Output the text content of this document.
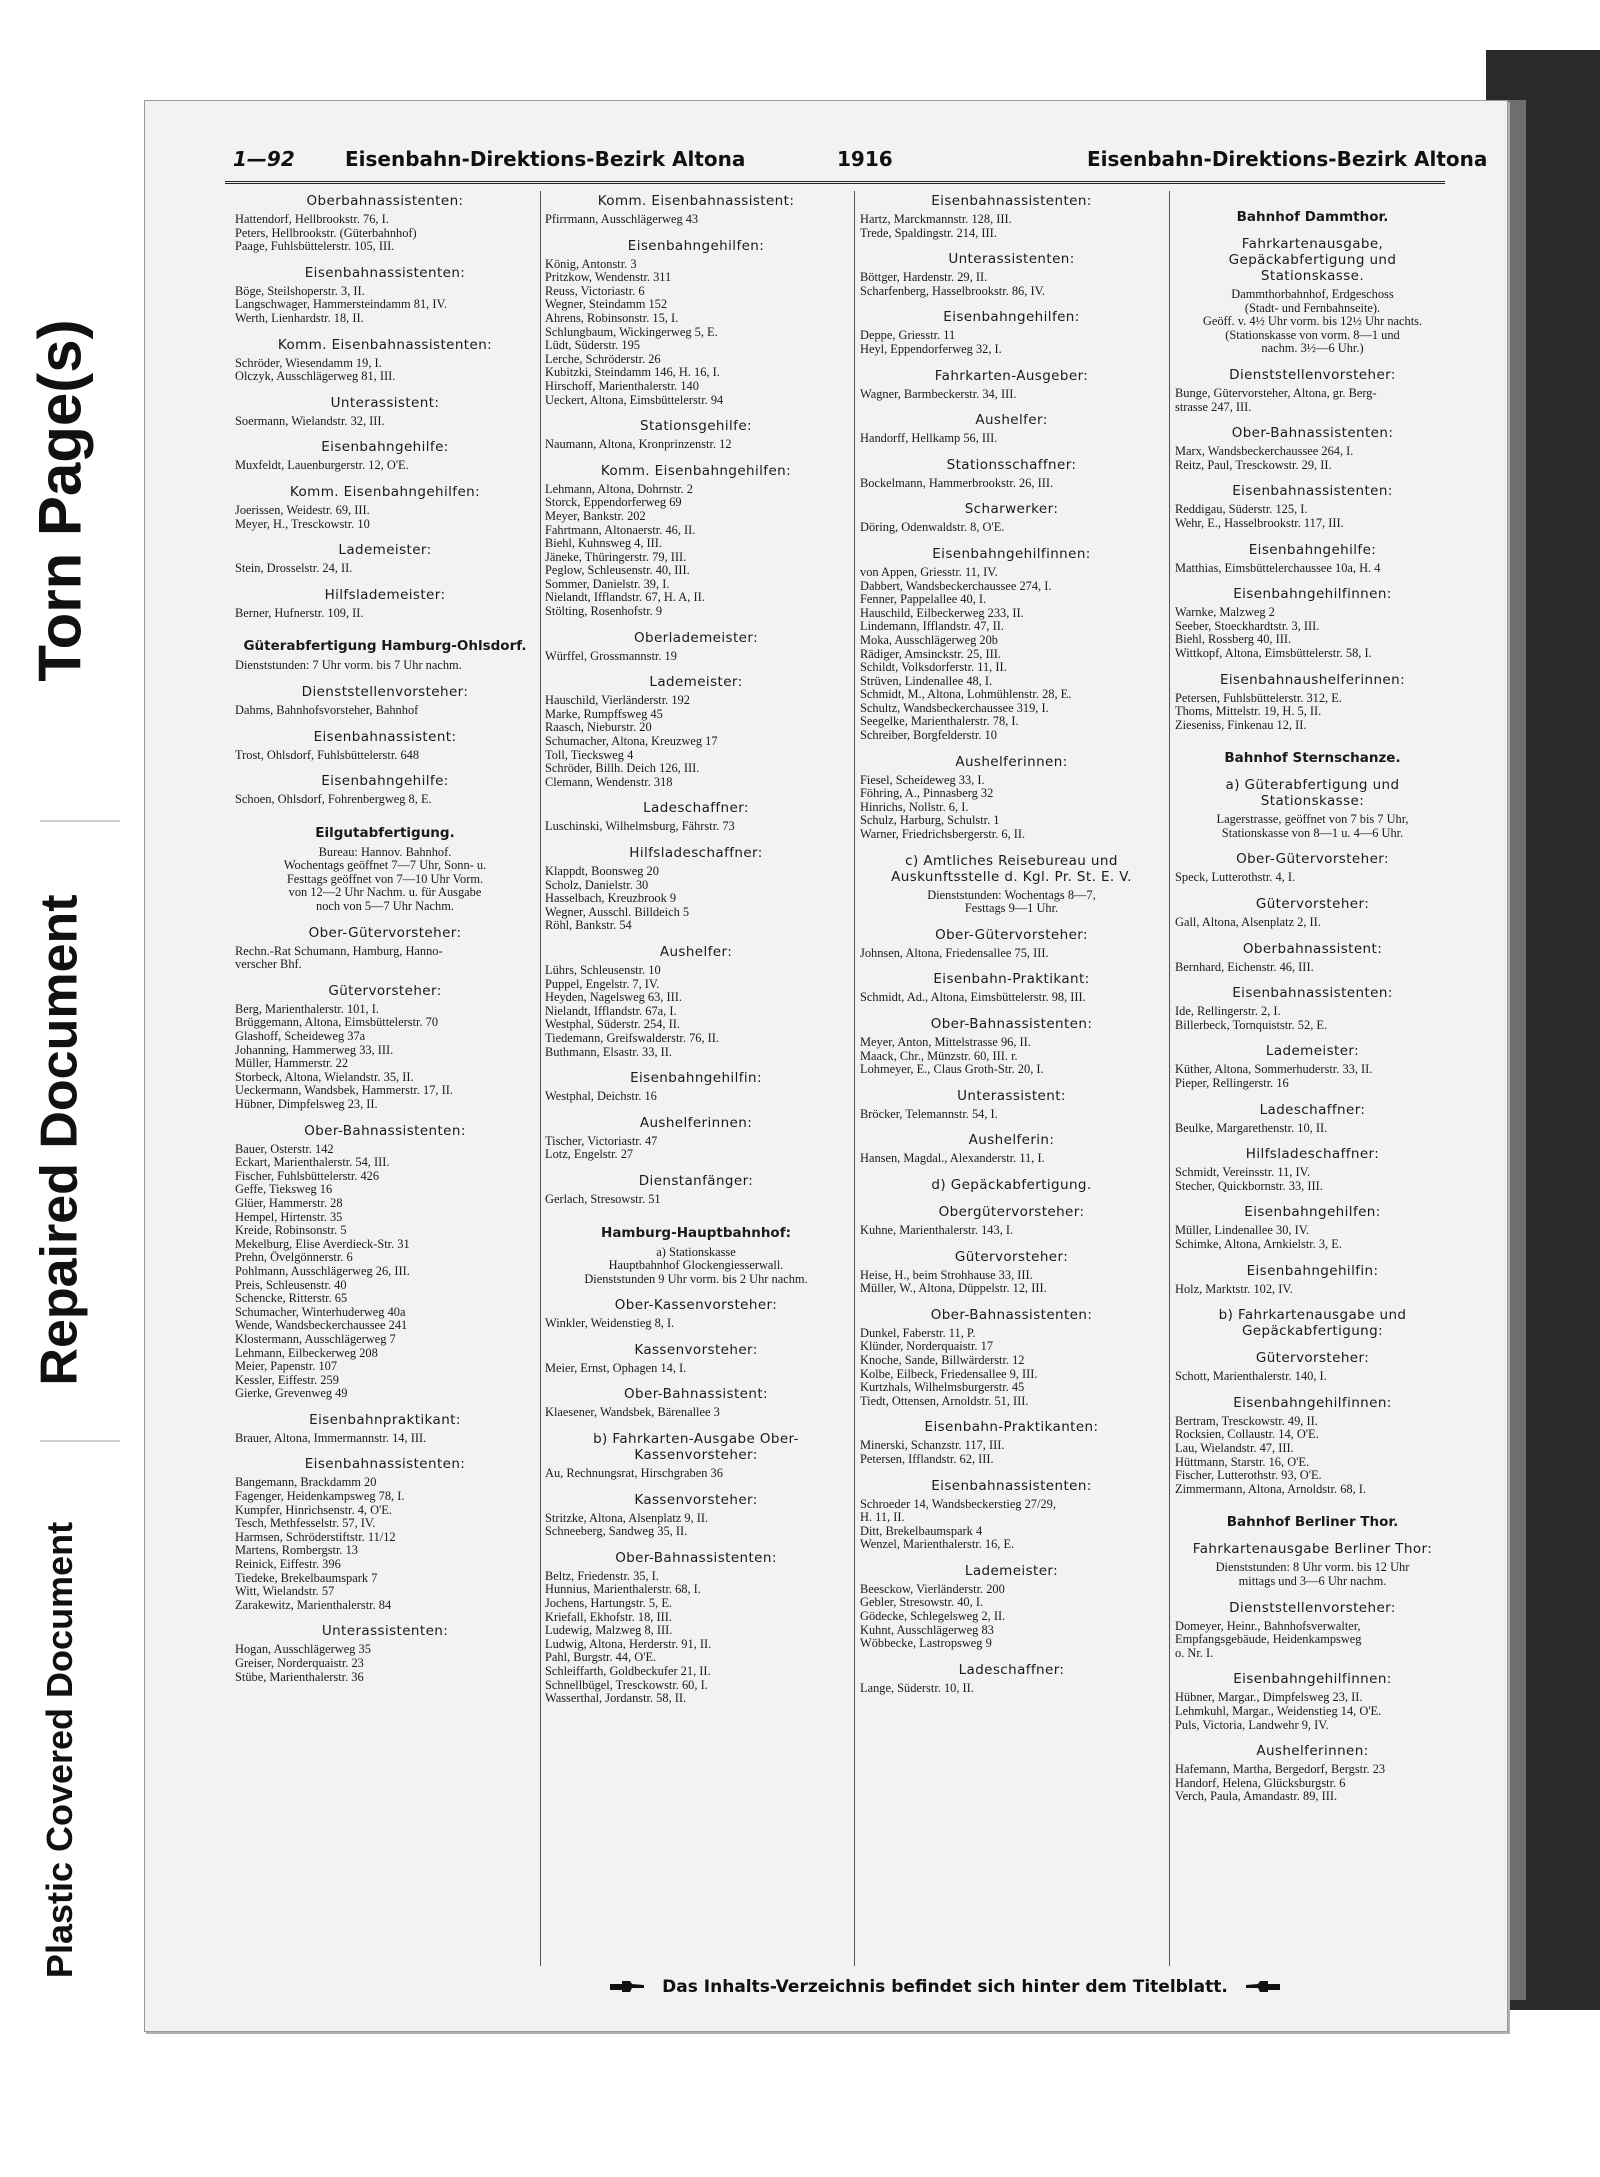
Torn Page(s)
Repaired Document
Plastic Covered Document
1—92	Eisenbahn-Direktions-Bezirk Altona	1916	Eisenbahn-Direktions-Bezirk Altona
Oberbahnassistenten:
Hattendorf, Hellbrookstr. 76, I.
Peters, Hellbrookstr. (Güterbahnhof)
Paage, Fuhlsbüttelerstr. 105, III.
Eisenbahnassistenten:
Böge, Steilshoperstr. 3, II.
Langschwager, Hammersteindamm 81, IV.
Werth, Lienhardstr. 18, II.
Komm. Eisenbahnassistenten:
Schröder, Wiesendamm 19, I.
Olczyk, Ausschlägerweg 81, III.
Unterassistent:
Soermann, Wielandstr. 32, III.
Eisenbahngehilfe:
Muxfeldt, Lauenburgerstr. 12, O'E.
Komm. Eisenbahngehilfen:
Joerissen, Weidestr. 69, III.
Meyer, H., Tresckowstr. 10
Lademeister:
Stein, Drosselstr. 24, II.
Hilfslademeister:
Berner, Hufnerstr. 109, II.
Güterabfertigung Hamburg-Ohlsdorf.
Dienststunden: 7 Uhr vorm. bis 7 Uhr nachm.
Dienststellenvorsteher:
Dahms, Bahnhofsvorsteher, Bahnhof
Eisenbahnassistent:
Trost, Ohlsdorf, Fuhlsbüttelerstr. 648
Eisenbahngehilfe:
Schoen, Ohlsdorf, Fohrenbergweg 8, E.
Eilgutabfertigung.
Bureau: Hannov. Bahnhof.
Wochentags geöffnet 7—7 Uhr, Sonn- u.
Festtags geöffnet von 7—10 Uhr Vorm.
von 12—2 Uhr Nachm. u. für Ausgabe
noch von 5—7 Uhr Nachm.
Ober-Gütervorsteher:
Rechn.-Rat Schumann, Hamburg, Hanno-
verscher Bhf.
Gütervorsteher:
Berg, Marienthalerstr. 101, I.
Brüggemann, Altona, Eimsbüttelerstr. 70
Glashoff, Scheideweg 37a
Johanning, Hammerweg 33, III.
Müller, Hammerstr. 22
Storbeck, Altona, Wielandstr. 35, II.
Ueckermann, Wandsbek, Hammerstr. 17, II.
Hübner, Dimpfelsweg 23, II.
Ober-Bahnassistenten:
Bauer, Osterstr. 142
Eckart, Marienthalerstr. 54, III.
Fischer, Fuhlsbüttelerstr. 426
Geffe, Tieksweg 16
Glüer, Hammerstr. 28
Hempel, Hirtenstr. 35
Kreide, Robinsonstr. 5
Mekelburg, Elise Averdieck-Str. 31
Prehn, Övelgönnerstr. 6
Pohlmann, Ausschlägerweg 26, III.
Preis, Schleusenstr. 40
Schencke, Ritterstr. 65
Schumacher, Winterhuderweg 40a
Wende, Wandsbeckerchaussee 241
Klostermann, Ausschlägerweg 7
Lehmann, Eilbeckerweg 208
Meier, Papenstr. 107
Kessler, Eiffestr. 259
Gierke, Grevenweg 49
Eisenbahnpraktikant:
Brauer, Altona, Immermannstr. 14, III.
Eisenbahnassistenten:
Bangemann, Brackdamm 20
Fagenger, Heidenkampsweg 78, I.
Kumpfer, Hinrichsenstr. 4, O'E.
Tesch, Methfesselstr. 57, IV.
Harmsen, Schröderstiftstr. 11/12
Martens, Rombergstr. 13
Reinick, Eiffestr. 396
Tiedeke, Brekelbaumspark 7
Witt, Wielandstr. 57
Zarakewitz, Marienthalerstr. 84
Unterassistenten:
Hogan, Ausschlägerweg 35
Greiser, Norderquaistr. 23
Stübe, Marienthalerstr. 36
Komm. Eisenbahnassistent:
Pfirrmann, Ausschlägerweg 43
Eisenbahngehilfen:
König, Antonstr. 3
Pritzkow, Wendenstr. 311
Reuss, Victoriastr. 6
Wegner, Steindamm 152
Ahrens, Robinsonstr. 15, I.
Schlungbaum, Wickingerweg 5, E.
Lüdt, Süderstr. 195
Lerche, Schröderstr. 26
Kubitzki, Steindamm 146, H. 16, I.
Hirschoff, Marienthalerstr. 140
Ueckert, Altona, Eimsbüttelerstr. 94
Stationsgehilfe:
Naumann, Altona, Kronprinzenstr. 12
Komm. Eisenbahngehilfen:
Lehmann, Altona, Dohrnstr. 2
Storck, Eppendorferweg 69
Meyer, Bankstr. 202
Fahrtmann, Altonaerstr. 46, II.
Biehl, Kuhnsweg 4, III.
Jäneke, Thüringerstr. 79, III.
Peglow, Schleusenstr. 40, III.
Sommer, Danielstr. 39, I.
Nielandt, Ifflandstr. 67, H. A, II.
Stölting, Rosenhofstr. 9
Oberlademeister:
Würffel, Grossmannstr. 19
Lademeister:
Hauschild, Vierländerstr. 192
Marke, Rumpffsweg 45
Raasch, Nieburstr. 20
Schumacher, Altona, Kreuzweg 17
Toll, Tiecksweg 4
Schröder, Billh. Deich 126, III.
Clemann, Wendenstr. 318
Ladeschaffner:
Luschinski, Wilhelmsburg, Fährstr. 73
Hilfsladeschaffner:
Klappdt, Boonsweg 20
Scholz, Danielstr. 30
Hasselbach, Kreuzbrook 9
Wegner, Ausschl. Billdeich 5
Röhl, Bankstr. 54
Aushelfer:
Lührs, Schleusenstr. 10
Puppel, Engelstr. 7, IV.
Heyden, Nagelsweg 63, III.
Nielandt, Ifflandstr. 67a, I.
Westphal, Süderstr. 254, II.
Tiedemann, Greifswalderstr. 76, II.
Buthmann, Elsastr. 33, II.
Eisenbahngehilfin:
Westphal, Deichstr. 16
Aushelferinnen:
Tischer, Victoriastr. 47
Lotz, Engelstr. 27
Dienstanfänger:
Gerlach, Stresowstr. 51
Hamburg-Hauptbahnhof:
a) Stationskasse
Hauptbahnhof Glockengiesserwall.
Dienststunden 9 Uhr vorm. bis 2 Uhr nachm.
Ober-Kassenvorsteher:
Winkler, Weidenstieg 8, I.
Kassenvorsteher:
Meier, Ernst, Ophagen 14, I.
Ober-Bahnassistent:
Klaesener, Wandsbek, Bärenallee 3
b) Fahrkarten-Ausgabe Ober-Kassenvorsteher:
Au, Rechnungsrat, Hirschgraben 36
Kassenvorsteher:
Stritzke, Altona, Alsenplatz 9, II.
Schneeberg, Sandweg 35, II.
Ober-Bahnassistenten:
Beltz, Friedenstr. 35, I.
Hunnius, Marienthalerstr. 68, I.
Jochens, Hartungstr. 5, E.
Kriefall, Ekhofstr. 18, III.
Ludewig, Malzweg 8, III.
Ludwig, Altona, Herderstr. 91, II.
Pahl, Burgstr. 44, O'E.
Schleiffarth, Goldbeckufer 21, II.
Schnellbügel, Tresckowstr. 60, I.
Wasserthal, Jordanstr. 58, II.
Eisenbahnassistenten:
Hartz, Marckmannstr. 128, III.
Trede, Spaldingstr. 214, III.
Unterassistenten:
Böttger, Hardenstr. 29, II.
Scharfenberg, Hasselbrookstr. 86, IV.
Eisenbahngehilfen:
Deppe, Griesstr. 11
Heyl, Eppendorferweg 32, I.
Fahrkarten-Ausgeber:
Wagner, Barmbeckerstr. 34, III.
Aushelfer:
Handorff, Hellkamp 56, III.
Stationsschaffner:
Bockelmann, Hammerbrookstr. 26, III.
Scharwerker:
Döring, Odenwaldstr. 8, O'E.
Eisenbahngehilfinnen:
von Appen, Griesstr. 11, IV.
Dabbert, Wandsbeckerchaussee 274, I.
Fenner, Pappelallee 40, I.
Hauschild, Eilbeckerweg 233, II.
Lindemann, Ifflandstr. 47, II.
Moka, Ausschlägerweg 20b
Rädiger, Amsinckstr. 25, III.
Schildt, Volksdorferstr. 11, II.
Strüven, Lindenallee 48, I.
Schmidt, M., Altona, Lohmühlenstr. 28, E.
Schultz, Wandsbeckerchaussee 319, I.
Seegelke, Marienthalerstr. 78, I.
Schreiber, Borgfelderstr. 10
Aushelferinnen:
Fiesel, Scheideweg 33, I.
Föhring, A., Pinnasberg 32
Hinrichs, Nollstr. 6, I.
Schulz, Harburg, Schulstr. 1
Warner, Friedrichsbergerstr. 6, II.
c) Amtliches Reisebureau und Auskunftsstelle d. Kgl. Pr. St. E. V.
Dienststunden: Wochentags 8—7,
Festtags 9—1 Uhr.
Ober-Gütervorsteher:
Johnsen, Altona, Friedensallee 75, III.
Eisenbahn-Praktikant:
Schmidt, Ad., Altona, Eimsbüttelerstr. 98, III.
Ober-Bahnassistenten:
Meyer, Anton, Mittelstrasse 96, II.
Maack, Chr., Münzstr. 60, III. r.
Lohmeyer, E., Claus Groth-Str. 20, I.
Unterassistent:
Bröcker, Telemannstr. 54, I.
Aushelferin:
Hansen, Magdal., Alexanderstr. 11, I.
d) Gepäckabfertigung.
Obergütervorsteher:
Kuhne, Marienthalerstr. 143, I.
Gütervorsteher:
Heise, H., beim Strohhause 33, III.
Müller, W., Altona, Düppelstr. 12, III.
Ober-Bahnassistenten:
Dunkel, Faberstr. 11, P.
Klünder, Norderquaistr. 17
Knoche, Sande, Billwärderstr. 12
Kolbe, Eilbeck, Friedensallee 9, III.
Kurtzhals, Wilhelmsburgerstr. 45
Tiedt, Ottensen, Arnoldstr. 51, III.
Eisenbahn-Praktikanten:
Minerski, Schanzstr. 117, III.
Petersen, Ifflandstr. 62, III.
Eisenbahnassistenten:
Schroeder 14, Wandsbeckerstieg 27/29,
H. 11, II.
Ditt, Brekelbaumspark 4
Wenzel, Marienthalerstr. 16, E.
Lademeister:
Beesckow, Vierländerstr. 200
Gebler, Stresowstr. 40, I.
Gödecke, Schlegelsweg 2, II.
Kuhnt, Ausschlägerweg 83
Wöbbecke, Lastropsweg 9
Ladeschaffner:
Lange, Süderstr. 10, II.
Bahnhof Dammthor.
Fahrkartenausgabe, Gepäckabfertigung und Stationskasse.
Dammthorbahnhof, Erdgeschoss
(Stadt- und Fernbahnseite).
Geöff. v. 4½ Uhr vorm. bis 12½ Uhr nachts.
(Stationskasse von vorm. 8—1 und
nachm. 3½—6 Uhr.)
Dienststellenvorsteher:
Bunge, Gütervorsteher, Altona, gr. Berg-
strasse 247, III.
Ober-Bahnassistenten:
Marx, Wandsbeckerchaussee 264, I.
Reitz, Paul, Tresckowstr. 29, II.
Eisenbahnassistenten:
Reddigau, Süderstr. 125, I.
Wehr, E., Hasselbrookstr. 117, III.
Eisenbahngehilfe:
Matthias, Eimsbüttelerchaussee 10a, H. 4
Eisenbahngehilfinnen:
Warnke, Malzweg 2
Seeber, Stoeckhardtstr. 3, III.
Biehl, Rossberg 40, III.
Wittkopf, Altona, Eimsbüttelerstr. 58, I.
Eisenbahnaushelferinnen:
Petersen, Fuhlsbüttelerstr. 312, E.
Thoms, Mittelstr. 19, H. 5, II.
Zieseniss, Finkenau 12, II.
Bahnhof Sternschanze.
a) Güterabfertigung und Stationskasse:
Lagerstrasse, geöffnet von 7 bis 7 Uhr,
Stationskasse von 8—1 u. 4—6 Uhr.
Ober-Gütervorsteher:
Speck, Lutterothstr. 4, I.
Gütervorsteher:
Gall, Altona, Alsenplatz 2, II.
Oberbahnassistent:
Bernhard, Eichenstr. 46, III.
Eisenbahnassistenten:
Ide, Rellingerstr. 2, I.
Billerbeck, Tornquiststr. 52, E.
Lademeister:
Küther, Altona, Sommerhuderstr. 33, II.
Pieper, Rellingerstr. 16
Ladeschaffner:
Beulke, Margarethenstr. 10, II.
Hilfsladeschaffner:
Schmidt, Vereinsstr. 11, IV.
Stecher, Quickbornstr. 33, III.
Eisenbahngehilfen:
Müller, Lindenallee 30, IV.
Schimke, Altona, Arnkielstr. 3, E.
Eisenbahngehilfin:
Holz, Marktstr. 102, IV.
b) Fahrkartenausgabe und Gepäckabfertigung:
Gütervorsteher:
Schott, Marienthalerstr. 140, I.
Eisenbahngehilfinnen:
Bertram, Tresckowstr. 49, II.
Rocksien, Collaustr. 14, O'E.
Lau, Wielandstr. 47, III.
Hüttmann, Starstr. 16, O'E.
Fischer, Lutterothstr. 93, O'E.
Zimmermann, Altona, Arnoldstr. 68, I.
Bahnhof Berliner Thor.
Fahrkartenausgabe Berliner Thor:
Dienststunden: 8 Uhr vorm. bis 12 Uhr
mittags und 3—6 Uhr nachm.
Dienststellenvorsteher:
Domeyer, Heinr., Bahnhofsverwalter,
Empfangsgebäude, Heidenkampsweg
o. Nr. I.
Eisenbahngehilfinnen:
Hübner, Margar., Dimpfelsweg 23, II.
Lehmkuhl, Margar., Weidenstieg 14, O'E.
Puls, Victoria, Landwehr 9, IV.
Aushelferinnen:
Hafemann, Martha, Bergedorf, Bergstr. 23
Handorf, Helena, Glücksburgstr. 6
Verch, Paula, Amandastr. 89, III.
Das Inhalts-Verzeichnis befindet sich hinter dem Titelblatt.
